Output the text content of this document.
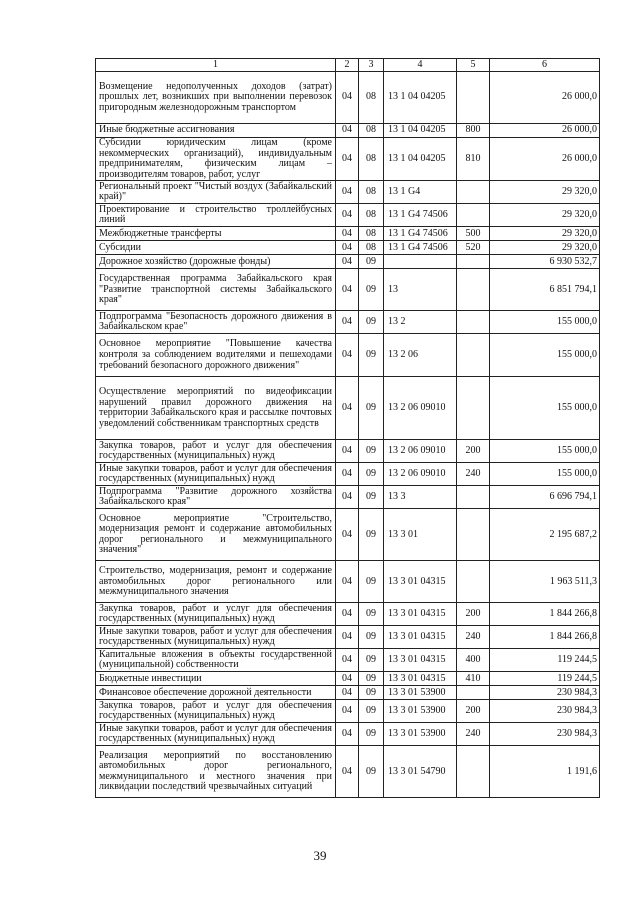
1	2	3	4	5	6
Возмещение недополученных доходов (затрат) прошлых лет, возникших при выполнении перевозок пригородным железнодорожным транспортом	04	08	13 1 04 04205		26 000,0
Иные бюджетные ассигнования	04	08	13 1 04 04205	800	26 000,0
Субсидии юридическим лицам (кроме некоммерческих организаций), индивидуальным предпринимателям, физическим лицам – производителям товаров, работ, услуг	04	08	13 1 04 04205	810	26 000,0
Региональный проект "Чистый воздух (Забайкальский край)"	04	08	13 1 G4		29 320,0
Проектирование и строительство троллейбусных линий	04	08	13 1 G4 74506		29 320,0
Межбюджетные трансферты	04	08	13 1 G4 74506	500	29 320,0
Субсидии	04	08	13 1 G4 74506	520	29 320,0
Дорожное хозяйство (дорожные фонды)	04	09			6 930 532,7
Государственная программа Забайкальского края "Развитие транспортной системы Забайкальского края"	04	09	13		6 851 794,1
Подпрограмма "Безопасность дорожного движения в Забайкальском крае"	04	09	13 2		155 000,0
Основное мероприятие "Повышение качества контроля за соблюдением водителями и пешеходами требований безопасного дорожного движения"	04	09	13 2 06		155 000,0
Осуществление мероприятий по видеофиксации нарушений правил дорожного движения на территории Забайкальского края и рассылке почтовых уведомлений собственникам транспортных средств	04	09	13 2 06 09010		155 000,0
Закупка товаров, работ и услуг для обеспечения государственных (муниципальных) нужд	04	09	13 2 06 09010	200	155 000,0
Иные закупки товаров, работ и услуг для обеспечения государственных (муниципальных) нужд	04	09	13 2 06 09010	240	155 000,0
Подпрограмма "Развитие дорожного хозяйства Забайкальского края"	04	09	13 3		6 696 794,1
Основное мероприятие "Строительство, модернизация ремонт и содержание автомобильных дорог регионального и межмуниципального значения"	04	09	13 3 01		2 195 687,2
Строительство, модернизация, ремонт и содержание автомобильных дорог регионального или межмуниципального значения	04	09	13 3 01 04315		1 963 511,3
Закупка товаров, работ и услуг для обеспечения государственных (муниципальных) нужд	04	09	13 3 01 04315	200	1 844 266,8
Иные закупки товаров, работ и услуг для обеспечения государственных (муниципальных) нужд	04	09	13 3 01 04315	240	1 844 266,8
Капитальные вложения в объекты государственной (муниципальной) собственности	04	09	13 3 01 04315	400	119 244,5
Бюджетные инвестиции	04	09	13 3 01 04315	410	119 244,5
Финансовое обеспечение дорожной деятельности	04	09	13 3 01 53900		230 984,3
Закупка товаров, работ и услуг для обеспечения государственных (муниципальных) нужд	04	09	13 3 01 53900	200	230 984,3
Иные закупки товаров, работ и услуг для обеспечения государственных (муниципальных) нужд	04	09	13 3 01 53900	240	230 984,3
Реализация мероприятий по восстановлению автомобильных дорог регионального, межмуниципального и местного значения при ликвидации последствий чрезвычайных ситуаций	04	09	13 3 01 54790		1 191,6
39
